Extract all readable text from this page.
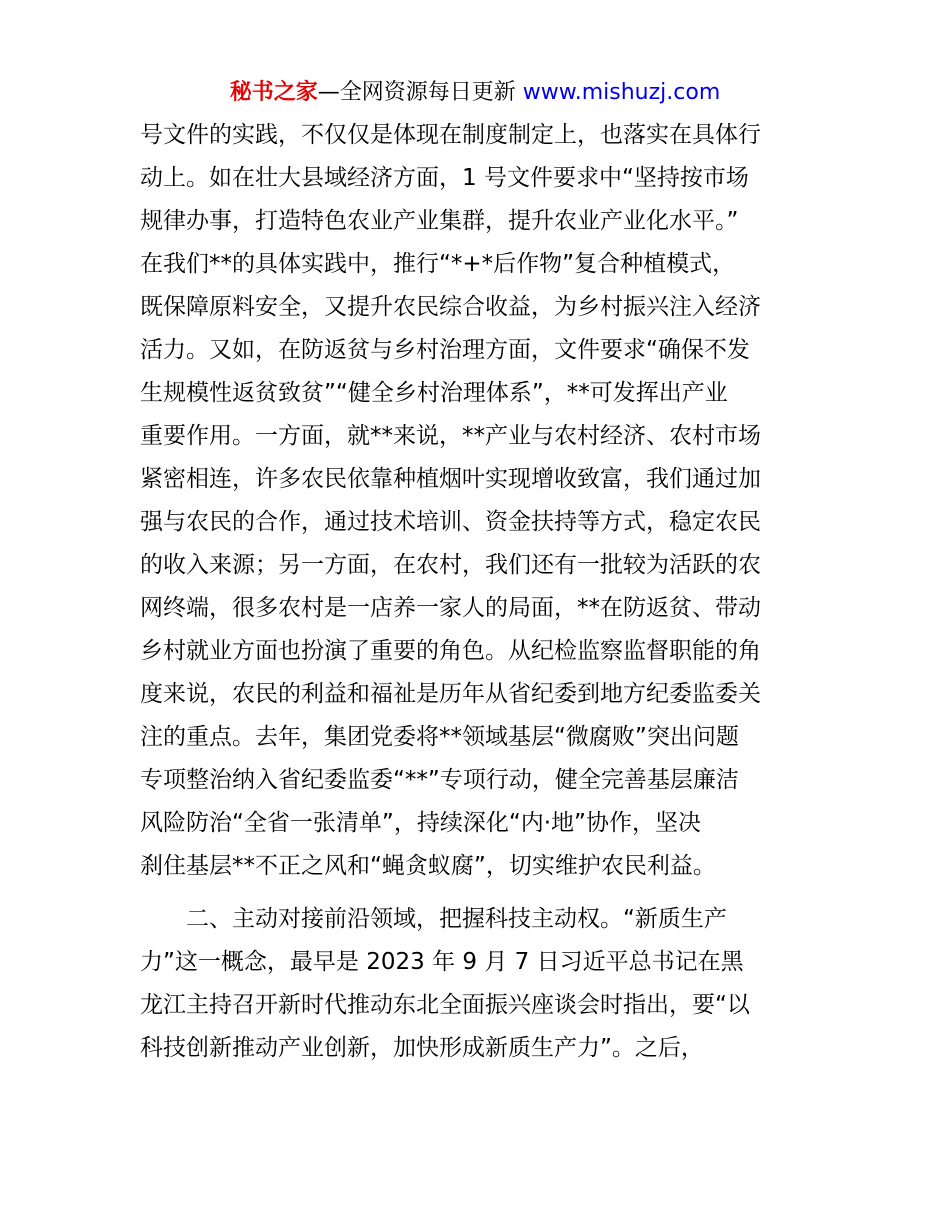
秘书之家—全网资源每日更新 www.mishuzj.com
号文件的实践，不仅仅是体现在制度制定上，也落实在具体行
动上。如在壮大县域经济方面，1 号文件要求中“坚持按市场
规律办事，打造特色农业产业集群，提升农业产业化水平。”
在我们**的具体实践中，推行“*+*后作物”复合种植模式，
既保障原料安全，又提升农民综合收益，为乡村振兴注入经济
活力。又如，在防返贫与乡村治理方面，文件要求“确保不发
生规模性返贫致贫”“健全乡村治理体系”，**可发挥出产业
重要作用。一方面，就**来说，**产业与农村经济、农村市场
紧密相连，许多农民依靠种植烟叶实现增收致富，我们通过加
强与农民的合作，通过技术培训、资金扶持等方式，稳定农民
的收入来源；另一方面，在农村，我们还有一批较为活跃的农
网终端，很多农村是一店养一家人的局面，**在防返贫、带动
乡村就业方面也扮演了重要的角色。从纪检监察监督职能的角
度来说，农民的利益和福祉是历年从省纪委到地方纪委监委关
注的重点。去年，集团党委将**领域基层“微腐败”突出问题
专项整治纳入省纪委监委“**”专项行动，健全完善基层廉洁
风险防治“全省一张清单”，持续深化“内·地”协作，坚决
刹住基层**不正之风和“蝇贪蚁腐”，切实维护农民利益。
　　二、主动对接前沿领域，把握科技主动权。“新质生产
力”这一概念，最早是 2023 年 9 月 7 日习近平总书记在黑
龙江主持召开新时代推动东北全面振兴座谈会时指出，要“以
科技创新推动产业创新，加快形成新质生产力”。之后，
